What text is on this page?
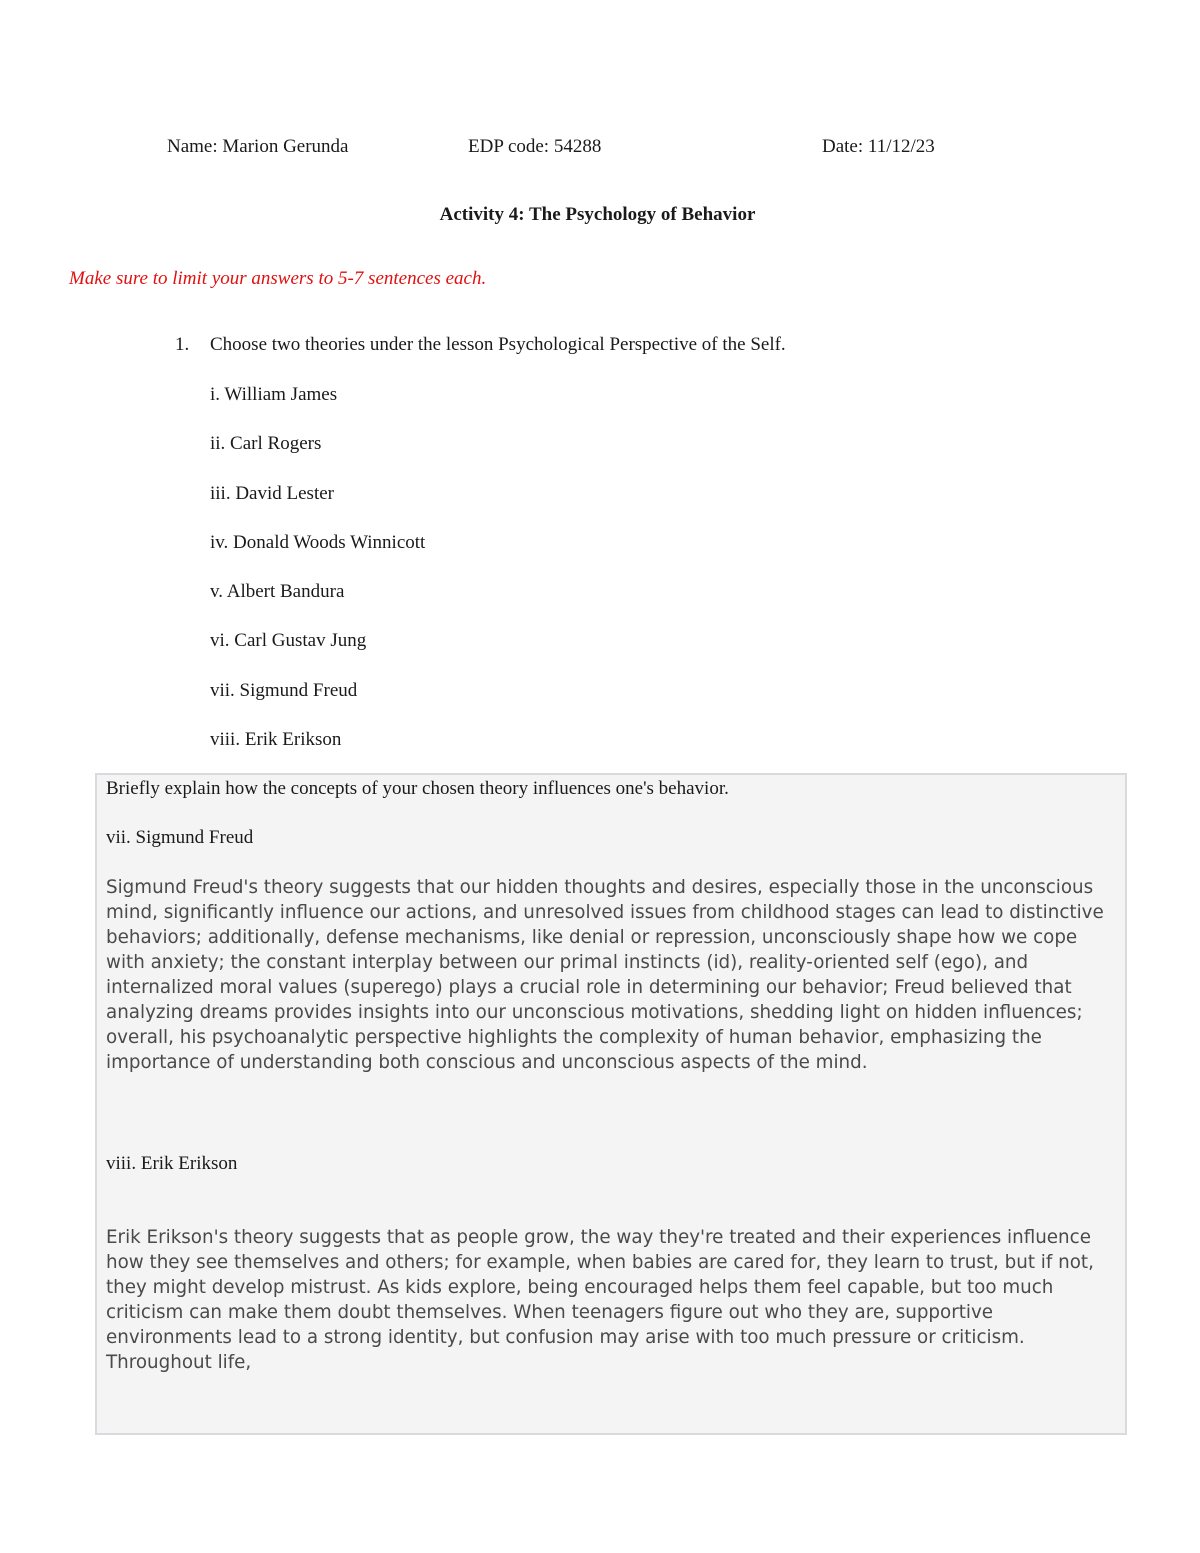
Name: Marion Gerunda	EDP code: 54288	Date: 11/12/23
Activity 4: The Psychology of Behavior
Make sure to limit your answers to 5-7 sentences each.
1. Choose two theories under the lesson Psychological Perspective of the Self.
i. William James
ii. Carl Rogers
iii. David Lester
iv. Donald Woods Winnicott
v. Albert Bandura
vi. Carl Gustav Jung
vii. Sigmund Freud
viii. Erik Erikson
Briefly explain how the concepts of your chosen theory influences one's behavior.
vii. Sigmund Freud

Sigmund Freud's theory suggests that our hidden thoughts and desires, especially those in the unconscious mind, significantly influence our actions, and unresolved issues from childhood stages can lead to distinctive behaviors; additionally, defense mechanisms, like denial or repression, unconsciously shape how we cope with anxiety; the constant interplay between our primal instincts (id), reality-oriented self (ego), and internalized moral values (superego) plays a crucial role in determining our behavior; Freud believed that analyzing dreams provides insights into our unconscious motivations, shedding light on hidden influences; overall, his psychoanalytic perspective highlights the complexity of human behavior, emphasizing the importance of understanding both conscious and unconscious aspects of the mind.

viii. Erik Erikson

Erik Erikson's theory suggests that as people grow, the way they're treated and their experiences influence how they see themselves and others; for example, when babies are cared for, they learn to trust, but if not, they might develop mistrust. As kids explore, being encouraged helps them feel capable, but too much criticism can make them doubt themselves. When teenagers figure out who they are, supportive environments lead to a strong identity, but confusion may arise with too much pressure or criticism. Throughout life,
